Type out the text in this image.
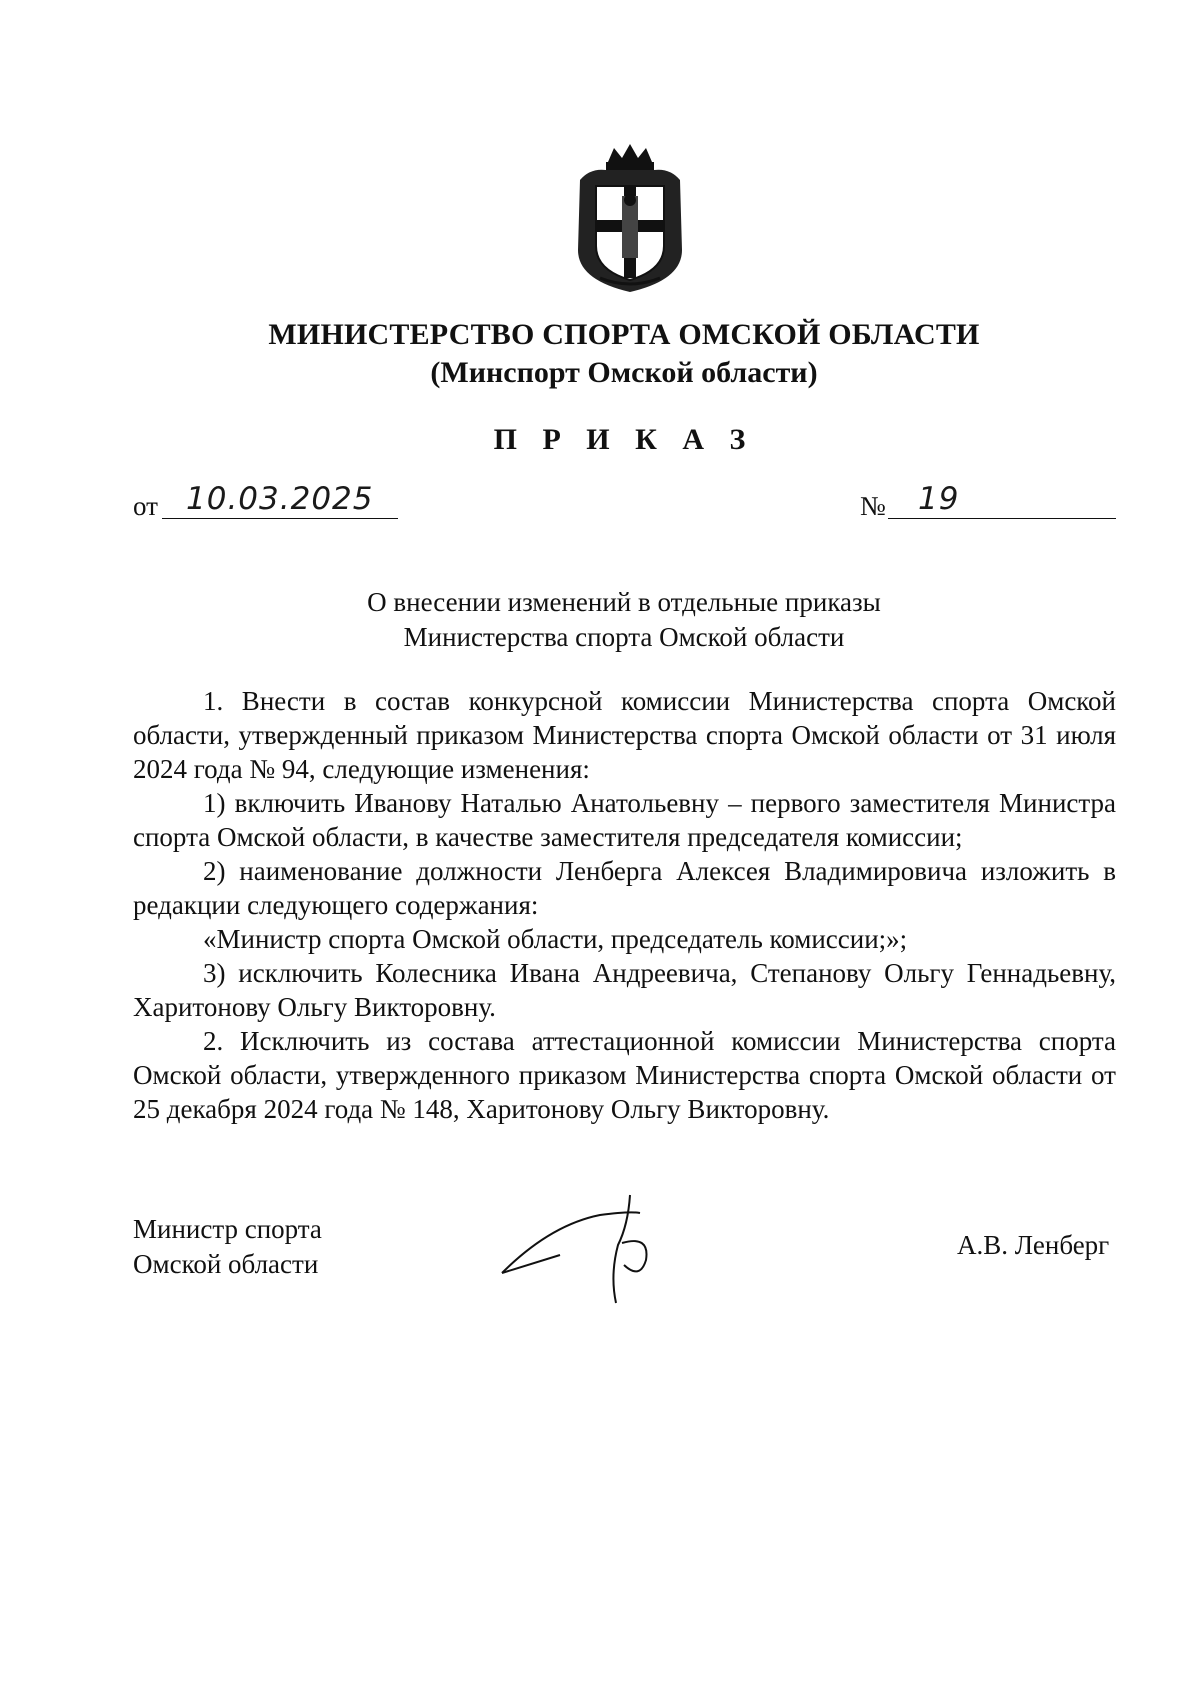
МИНИСТЕРСТВО СПОРТА ОМСКОЙ ОБЛАСТИ
(Минспорт Омской области)
П Р И К А З
от 10.03.2025	№ 19
О внесении изменений в отдельные приказы
Министерства спорта Омской области

1. Внести в состав конкурсной комиссии Министерства спорта Омской области, утвержденный приказом Министерства спорта Омской области от 31 июля 2024 года № 94, следующие изменения:

1) включить Иванову Наталью Анатольевну – первого заместителя Министра спорта Омской области, в качестве заместителя председателя комиссии;

2) наименование должности Ленберга Алексея Владимировича изложить в редакции следующего содержания:

«Министр спорта Омской области, председатель комиссии;»;

3) исключить Колесника Ивана Андреевича, Степанову Ольгу Геннадьевну, Харитонову Ольгу Викторовну.

2. Исключить из состава аттестационной комиссии Министерства спорта Омской области, утвержденного приказом Министерства спорта Омской области от 25 декабря 2024 года № 148, Харитонову Ольгу Викторовну.

Министр спорта
Омской области
А.В. Ленберг
